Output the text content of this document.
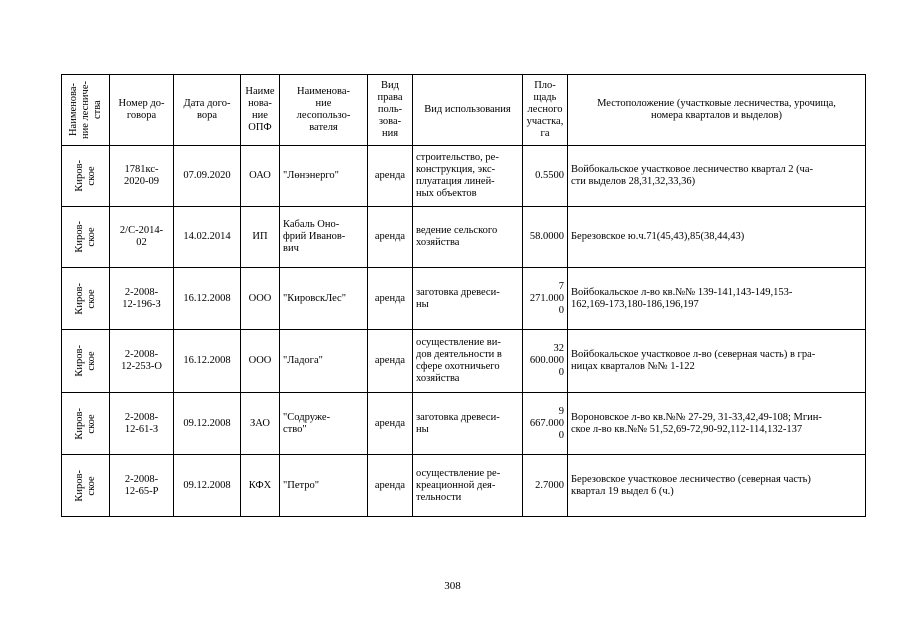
Наименова-
ние лесниче-
ства	Номер до-
говора	Дата дого-
вора	Наиме
нова-
ние
ОПФ	Наименова-
ние
лесопользо-
вателя	Вид
права
поль-
зова-
ния	Вид использования	Пло-
щадь
лесного
участка,
га	Местоположение (участковые лесничества, урочища,
номера кварталов и выделов)

Киров-
ское	1781кс-
2020-09	07.09.2020	ОАО	"Лөнэнерго"	аренда	строительство, ре-
конструкция, экс-
плуатация линей-
ных объектов	0.5500	Войбокальское участковое лесничество квартал 2 (ча-
сти выделов 28,31,32,33,36)

Киров-
ское	2/С-2014-
02	14.02.2014	ИП	Кабаль Оно-
фрий Иванов-
вич	аренда	ведение сельского
хозяйства	58.0000	Березовское ю.ч.71(45,43),85(38,44,43)

Киров-
ское	2-2008-
12-196-З	16.12.2008	ООО	"КировскЛес"	аренда	заготовка древеси-
ны	7
271.000
0	Войбокальское л-во кв.№№ 139-141,143-149,153-
162,169-173,180-186,196,197

Киров-
ское	2-2008-
12-253-О	16.12.2008	ООО	"Ладога"	аренда	осуществление ви-
дов деятельности в
сфере охотничьего
хозяйства	32
600.000
0	Войбокальское участковое л-во (северная часть) в гра-
ницах кварталов №№ 1-122

Киров-
ское	2-2008-
12-61-З	09.12.2008	ЗАО	"Содруже-
ство"	аренда	заготовка древеси-
ны	9
667.000
0	Вороновское л-во кв.№№ 27-29, 31-33,42,49-108; Мгин-
ское л-во кв.№№ 51,52,69-72,90-92,112-114,132-137

Киров-
ское	2-2008-
12-65-Р	09.12.2008	КФХ	"Петро"	аренда	осуществление ре-
креационной дея-
тельности	2.7000	Березовское участковое лесничество (северная часть)
квартал 19 выдел 6 (ч.)
308
